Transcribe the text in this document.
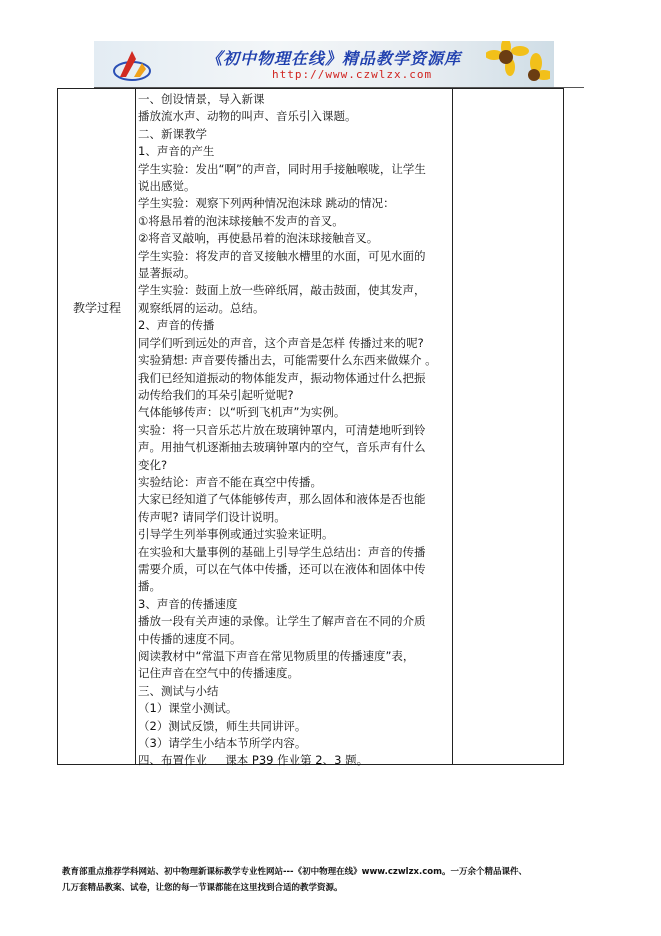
《初中物理在线》精品教学资源库
http://www.czwlzx.com
教学过程
一、创设情景，导入新课
播放流水声、动物的叫声、音乐引入课题。
二、新课教学
1、声音的产生
学生实验：发出“啊”的声音，同时用手接触喉咙，让学生
说出感觉。
学生实验：观察下列两种情况泡沫球 跳动的情况：
①将悬吊着的泡沫球接触不发声的音叉。
②将音叉敲响，再使悬吊着的泡沫球接触音叉。
学生实验：将发声的音叉接触水槽里的水面，可见水面的
显著振动。
学生实验：鼓面上放一些碎纸屑，敲击鼓面，使其发声，
观察纸屑的运动。总结。
2、声音的传播
同学们听到远处的声音，这个声音是怎样 传播过来的呢?
实验猜想: 声音要传播出去，可能需要什么东西来做媒介 。
我们已经知道振动的物体能发声，振动物体通过什么把振
动传给我们的耳朵引起听觉呢?
气体能够传声：以“听到飞机声”为实例。
实验：将一只音乐芯片放在玻璃钟罩内，可清楚地听到铃
声。用抽气机逐渐抽去玻璃钟罩内的空气，音乐声有什么
变化?
实验结论：声音不能在真空中传播。
大家已经知道了气体能够传声，那么固体和液体是否也能
传声呢? 请同学们设计说明。
引导学生列举事例或通过实验来证明。
在实验和大量事例的基础上引导学生总结出：声音的传播
需要介质，可以在气体中传播，还可以在液体和固体中传
播。
3、声音的传播速度
播放一段有关声速的录像。让学生了解声音在不同的介质
中传播的速度不同。
阅读教材中“常温下声音在常见物质里的传播速度”表，
记住声音在空气中的传播速度。
三、测试与小结
（1）课堂小测试。
（2）测试反馈，师生共同讲评。
（3）请学生小结本节所学内容。
四、布置作业     课本 P39 作业第 2、3 题。
教育部重点推荐学科网站、初中物理新课标教学专业性网站---《初中物理在线》www.czwlzx.com。一万余个精品课件、
几万套精品教案、试卷，让您的每一节课都能在这里找到合适的教学资源。
